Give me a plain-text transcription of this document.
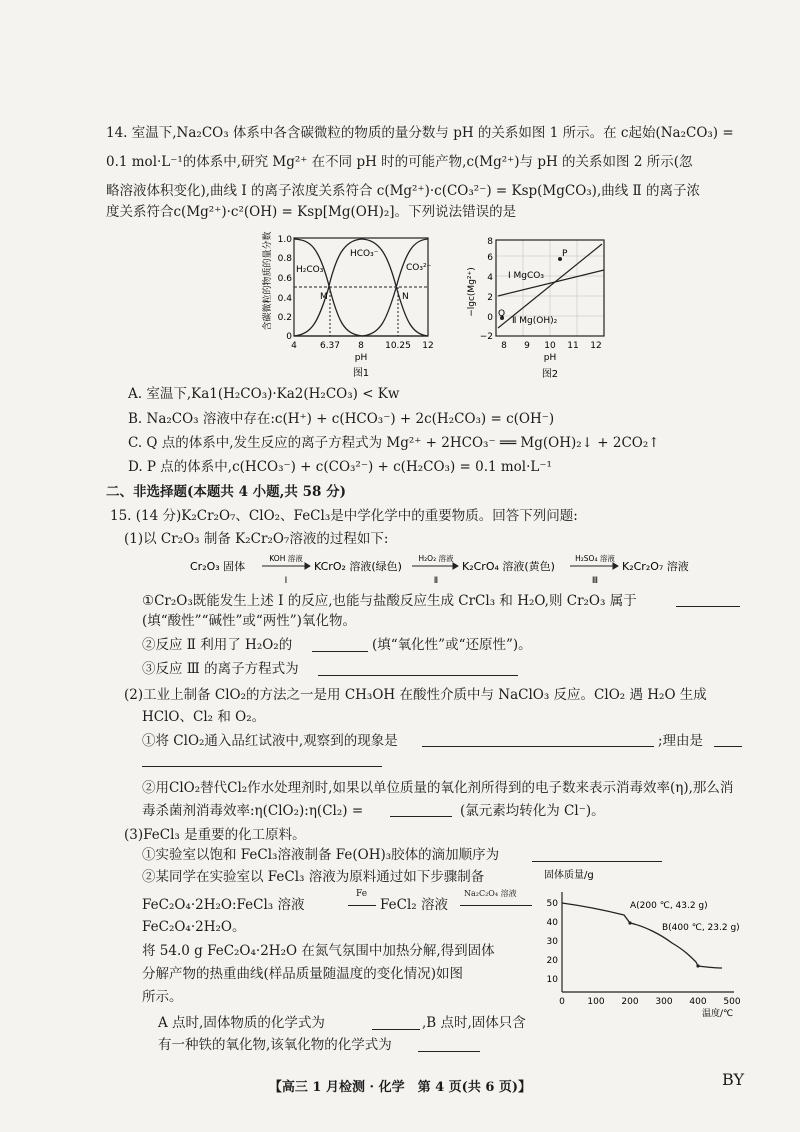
14. 室温下,Na₂CO₃ 体系中各含碳微粒的物质的量分数与 pH 的关系如图 1 所示。在 c起始(Na₂CO₃) =
0.1 mol·L⁻¹的体系中,研究 Mg²⁺ 在不同 pH 时的可能产物,c(Mg²⁺)与 pH 的关系如图 2 所示(忽
略溶液体积变化),曲线 Ⅰ 的离子浓度关系符合 c(Mg²⁺)·c(CO₃²⁻) = Ksp(MgCO₃),曲线 Ⅱ 的离子浓
度关系符合c(Mg²⁺)·c²(OH) = Ksp[Mg(OH)₂]。下列说法错误的是
含碳微粒的物质的量分数 1.0
0.8
0.6
0.4
0.2
0
4	6.37 8 10.25 12
pH
图1
H₂CO₃
HCO₃⁻
CO₃²⁻
M	N	−lgc(Mg²⁺)
8
6
4
2
0
−2
8 9 10 11 12
pH
图2
P
Q
Ⅰ MgCO₃
Ⅱ Mg(OH)₂
A. 室温下,Ka1(H₂CO₃)·Ka2(H₂CO₃) < Kw
B. Na₂CO₃ 溶液中存在:c(H⁺) + c(HCO₃⁻) + 2c(H₂CO₃) = c(OH⁻)
C. Q 点的体系中,发生反应的离子方程式为 Mg²⁺ + 2HCO₃⁻ ══ Mg(OH)₂↓ + 2CO₂↑
D. P 点的体系中,c(HCO₃⁻) + c(CO₃²⁻) + c(H₂CO₃) = 0.1 mol·L⁻¹
二、非选择题(本题共 4 小题,共 58 分)
15. (14 分)K₂Cr₂O₇、ClO₂、FeCl₃是中学化学中的重要物质。回答下列问题:
(1)以 Cr₂O₃ 制备 K₂Cr₂O₇溶液的过程如下:
Cr₂O₃ 固体
KOH 溶液
Ⅰ
KCrO₂ 溶液(绿色)
H₂O₂ 溶液
Ⅱ
K₂CrO₄ 溶液(黄色)
H₂SO₄ 溶液
Ⅲ
K₂Cr₂O₇ 溶液
①Cr₂O₃既能发生上述 Ⅰ 的反应,也能与盐酸反应生成 CrCl₃ 和 H₂O,则 Cr₂O₃ 属于
(填“酸性”“碱性”或“两性”)氧化物。
②反应 Ⅱ 利用了 H₂O₂的	(填“氧化性”或“还原性”)。
③反应 Ⅲ 的离子方程式为
(2)工业上制备 ClO₂的方法之一是用 CH₃OH 在酸性介质中与 NaClO₃ 反应。ClO₂ 遇 H₂O 生成
HClO、Cl₂ 和 O₂。
①将 ClO₂通入品红试液中,观察到的现象是	;理由是
②用ClO₂替代Cl₂作水处理剂时,如果以单位质量的氧化剂所得到的电子数来表示消毒效率(η),那么消
毒杀菌剂消毒效率:η(ClO₂):η(Cl₂) =	(氯元素均转化为 Cl⁻)。
(3)FeCl₃ 是重要的化工原料。
①实验室以饱和 FeCl₃溶液制备 Fe(OH)₃胶体的滴加顺序为
②某同学在实验室以 FeCl₃ 溶液为原料通过如下步骤制备
FeC₂O₄·2H₂O:FeCl₃ 溶液
Fe
FeCl₂ 溶液
Na₂C₂O₄ 溶液
FeC₂O₄·2H₂O。
将 54.0 g FeC₂O₄·2H₂O 在氮气氛围中加热分解,得到固体
分解产物的热重曲线(样品质量随温度的变化情况)如图
所示。
A 点时,固体物质的化学式为	,B 点时,固体只含
有一种铁的氧化物,该氧化物的化学式为
固体质量/g
50
40
30
20
10
0	100 200 300 400 500
温度/℃
A(200 ℃, 43.2 g)
B(400 ℃, 23.2 g)
【高三 1 月检测 · 化学　第 4 页(共 6 页)】	BY
